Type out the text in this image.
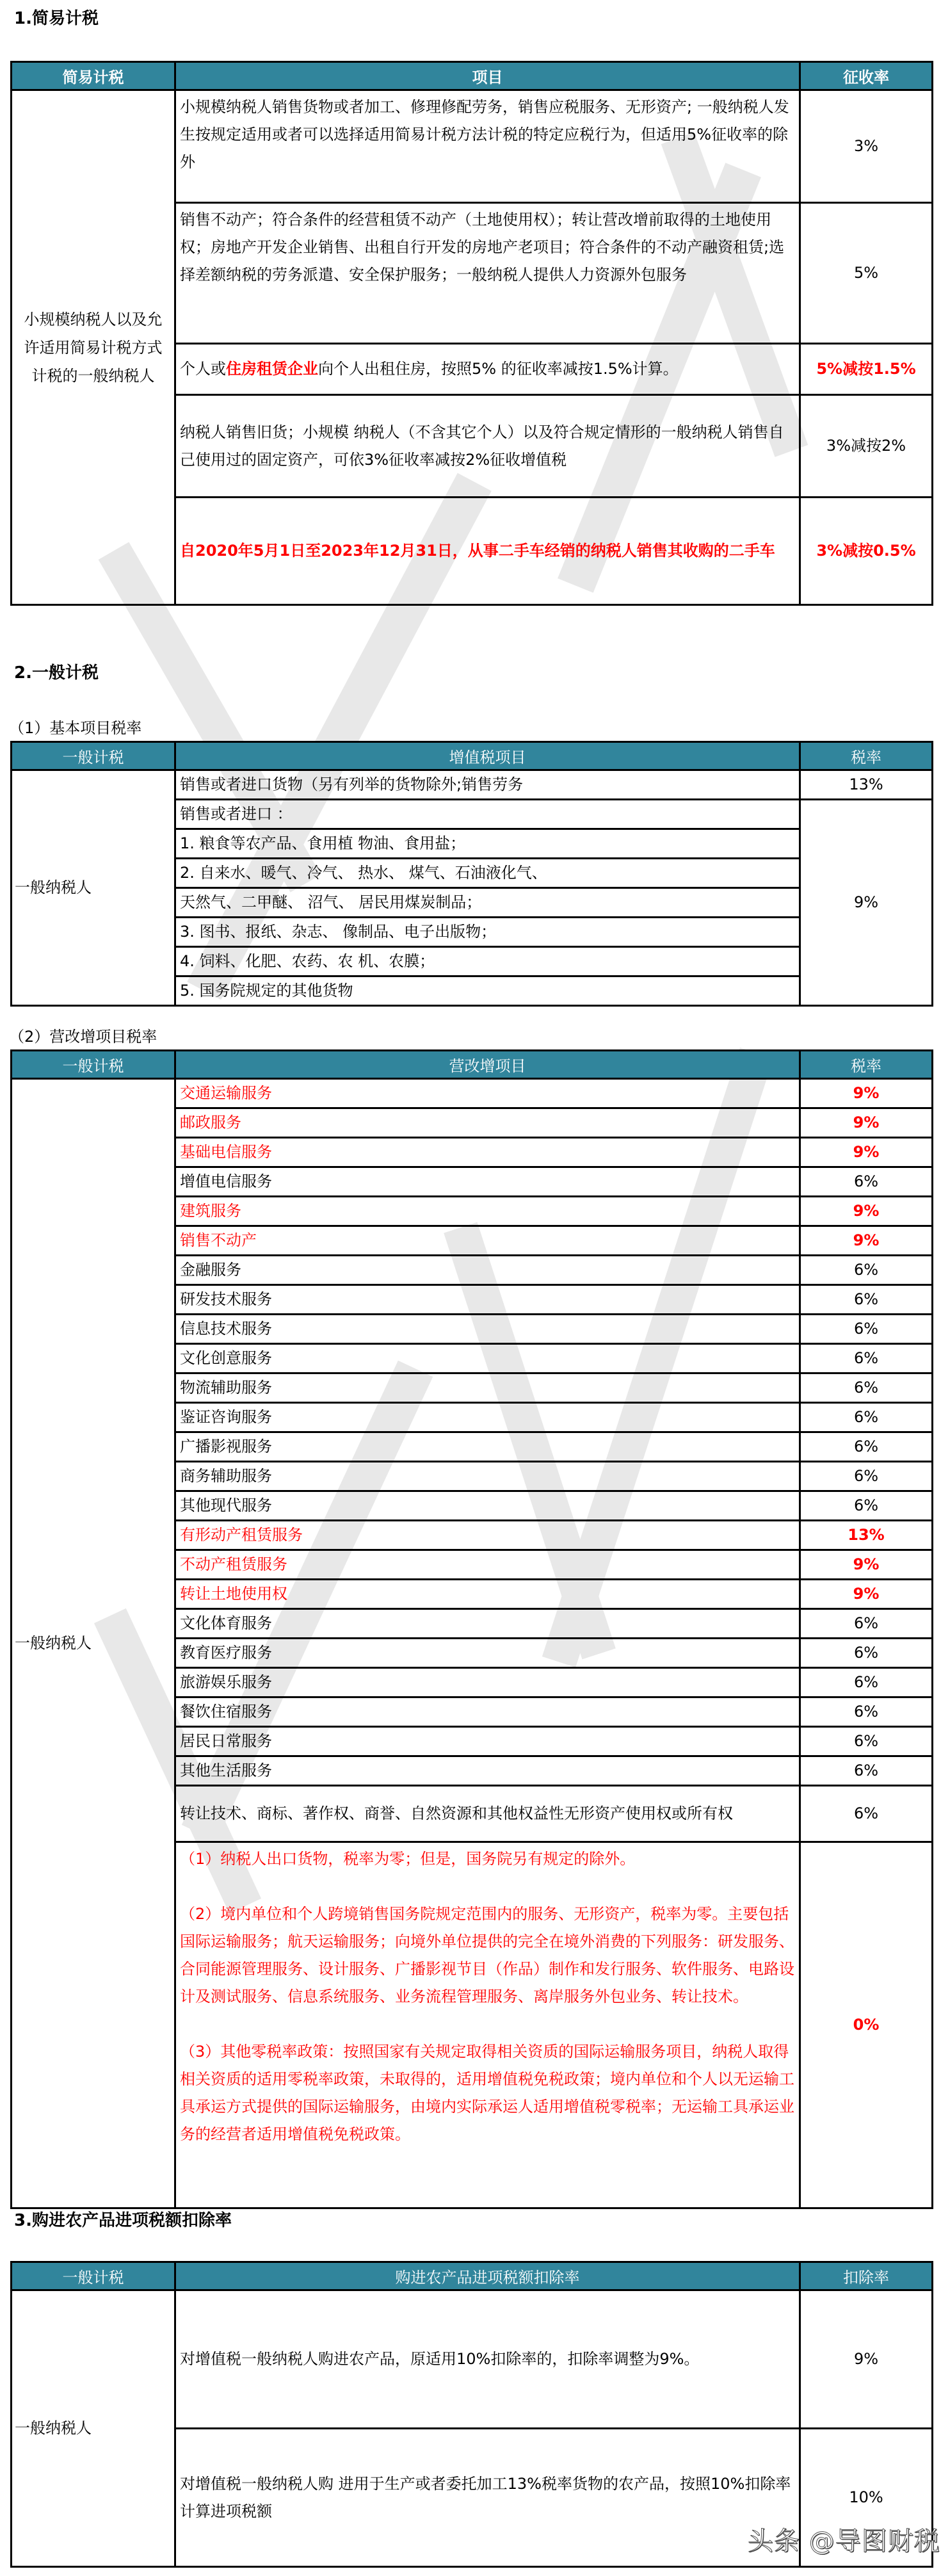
1.简易计税
简易计税	项目	征收率
小规模纳税人以及允许适用简易计税方式计税的一般纳税人	小规模纳税人销售货物或者加工、修理修配劳务，销售应税服务、无形资产; 一般纳税人发生按规定适用或者可以选择适用简易计税方法计税的特定应税行为，但适用5%征收率的除外	3%
	销售不动产；符合条件的经营租赁不动产（土地使用权）；转让营改增前取得的土地使用权；房地产开发企业销售、出租自行开发的房地产老项目；符合条件的不动产融资租赁;选择差额纳税的劳务派遣、安全保护服务；一般纳税人提供人力资源外包服务	5%
	个人或住房租赁企业向个人出租住房，按照5% 的征收率减按1.5%计算。	5%减按1.5%
	纳税人销售旧货；小规模 纳税人（不含其它个人）以及符合规定情形的一般纳税人销售自己使用过的固定资产，可依3%征收率减按2%征收增值税	3%减按2%
	自2020年5月1日至2023年12月31日，从事二手车经销的纳税人销售其收购的二手车	3%减按0.5%
2.一般计税
（1）基本项目税率
一般计税	增值税项目	税率
一般纳税人	销售或者进口货物（另有列举的货物除外;销售劳务	13%
	销售或者进口 ：	9%
	1. 粮食等农产品、食用植 物油、食用盐；	
	2. 自来水、暖气、冷气、 热水、 煤气、石油液化气、	
	天然气、二甲醚、 沼气、 居民用煤炭制品；	
	3. 图书、报纸、杂志、 像制品、电子出版物；	
	4. 饲料、化肥、农药、农 机、农膜；	
	5. 国务院规定的其他货物	
（2）营改增项目税率
一般计税	营改增项目	税率
一般纳税人	交通运输服务	9%
	邮政服务	9%
	基础电信服务	9%
	增值电信服务	6%
	建筑服务	9%
	销售不动产	9%
	金融服务	6%
	研发技术服务	6%
	信息技术服务	6%
	文化创意服务	6%
	物流辅助服务	6%
	鉴证咨询服务	6%
	广播影视服务	6%
	商务辅助服务	6%
	其他现代服务	6%
	有形动产租赁服务	13%
	不动产租赁服务	9%
	转让土地使用权	9%
	文化体育服务	6%
	教育医疗服务	6%
	旅游娱乐服务	6%
	餐饮住宿服务	6%
	居民日常服务	6%
	其他生活服务	6%
	转让技术、商标、著作权、商誉、自然资源和其他权益性无形资产使用权或所有权	6%

	（1）纳税人出口货物，税率为零；但是，国务院另有规定的除外。
（2）境内单位和个人跨境销售国务院规定范围内的服务、无形资产，税率为零。主要包括国际运输服务；航天运输服务；向境外单位提供的完全在境外消费的下列服务：研发服务、合同能源管理服务、设计服务、广播影视节目（作品）制作和发行服务、软件服务、电路设计及测试服务、信息系统服务、业务流程管理服务、离岸服务外包业务、转让技术。
（3）其他零税率政策：按照国家有关规定取得相关资质的国际运输服务项目，纳税人取得相关资质的适用零税率政策，未取得的，适用增值税免税政策；境内单位和个人以无运输工具承运方式提供的国际运输服务，由境内实际承运人适用增值税零税率；无运输工具承运业务的经营者适用增值税免税政策。	0%
3.购进农产品进项税额扣除率
一般计税	购进农产品进项税额扣除率	扣除率
一般纳税人	对增值税一般纳税人购进农产品，原适用10%扣除率的，扣除率调整为9%。	9%
	对增值税一般纳税人购 进用于生产或者委托加工13%税率货物的农产品，按照10%扣除率计算进项税额	10%
头条 @导图财税
